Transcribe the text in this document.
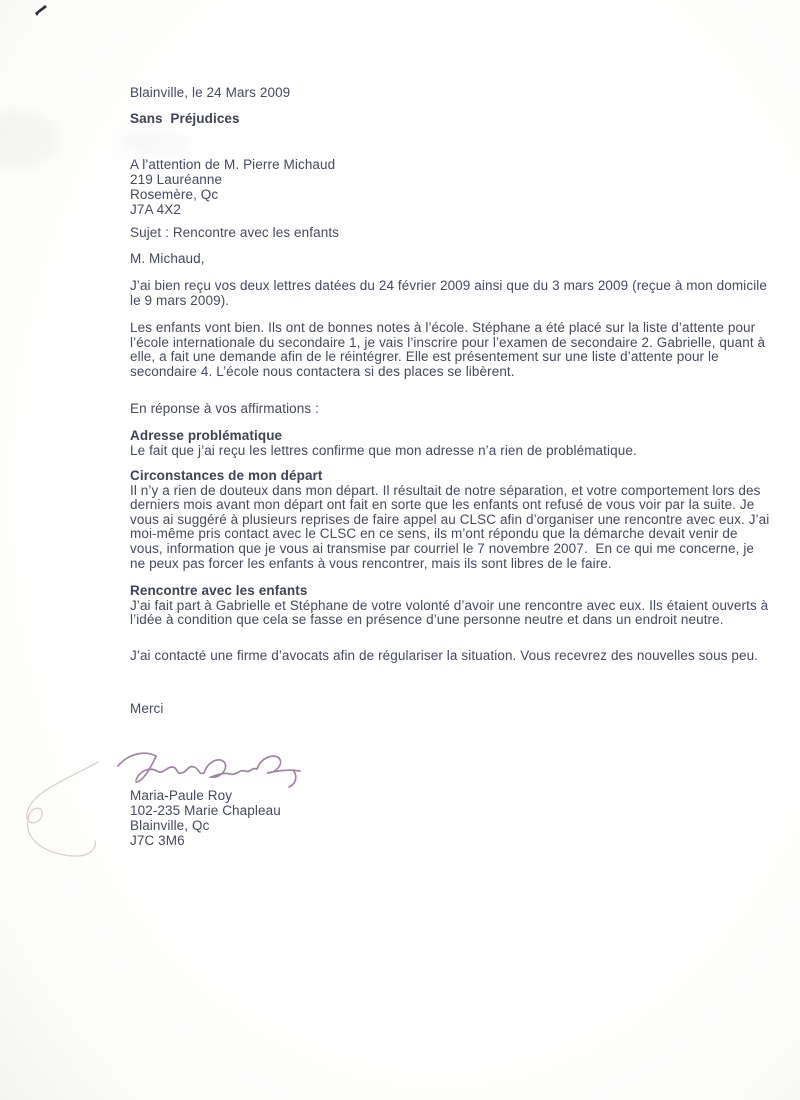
Blainville, le 24 Mars 2009
Sans  Préjudices
A l’attention de M. Pierre Michaud
219 Lauréanne
Rosemère, Qc
J7A 4X2
Sujet : Rencontre avec les enfants
M. Michaud,
J’ai bien reçu vos deux lettres datées du 24 février 2009 ainsi que du 3 mars 2009 (reçue à mon domicile
le 9 mars 2009).
Les enfants vont bien. Ils ont de bonnes notes à l’école. Stéphane a été placé sur la liste d’attente pour
l’école internationale du secondaire 1, je vais l’inscrire pour l’examen de secondaire 2. Gabrielle, quant à
elle, a fait une demande afin de le réintégrer. Elle est présentement sur une liste d’attente pour le
secondaire 4. L’école nous contactera si des places se libèrent.
En réponse à vos affirmations :
Adresse problématique
Le fait que j’ai reçu les lettres confirme que mon adresse n’a rien de problématique.
Circonstances de mon départ
Il n’y a rien de douteux dans mon départ. Il résultait de notre séparation, et votre comportement lors des
derniers mois avant mon départ ont fait en sorte que les enfants ont refusé de vous voir par la suite. Je
vous ai suggéré à plusieurs reprises de faire appel au CLSC afin d’organiser une rencontre avec eux. J’ai
moi-même pris contact avec le CLSC en ce sens, ils m’ont répondu que la démarche devait venir de
vous, information que je vous ai transmise par courriel le 7 novembre 2007.  En ce qui me concerne, je
ne peux pas forcer les enfants à vous rencontrer, mais ils sont libres de le faire.
Rencontre avec les enfants
J’ai fait part à Gabrielle et Stéphane de votre volonté d’avoir une rencontre avec eux. Ils étaient ouverts à
l’idée à condition que cela se fasse en présence d’une personne neutre et dans un endroit neutre.
J’ai contacté une firme d’avocats afin de régulariser la situation. Vous recevrez des nouvelles sous peu.
Merci
Maria-Paule Roy
102-235 Marie Chapleau
Blainville, Qc
J7C 3M6
